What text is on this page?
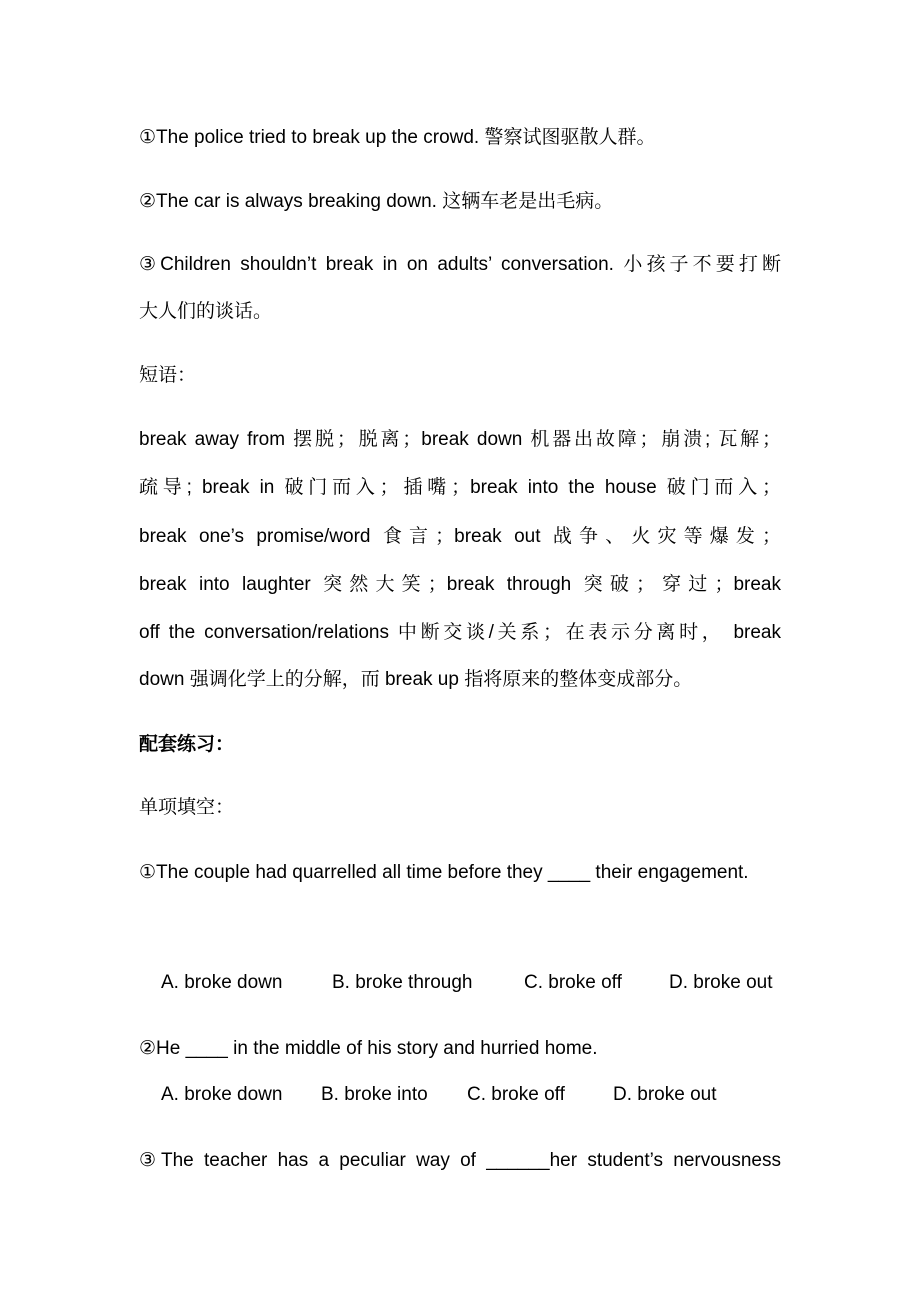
①The police tried to break up the crowd. 警察试图驱散人群。
②The car is always breaking down. 这辆车老是出毛病。
③Children shouldn’t break in on adults’ conversation. 小孩子不要打断
大人们的谈话。
短语：
break away from 摆脱；脱离；break down 机器出故障；崩溃; 瓦解；
疏导; break in 破门而入；插嘴；break into the house 破门而入；
break one’s promise/word 食言；break out 战争、火灾等爆发；
break into laughter 突然大笑；break through 突破；穿过；break
off the conversation/relations 中断交谈/关系；在表示分离时， break
down 强调化学上的分解，而 break up 指将原来的整体变成部分。
配套练习：
单项填空：
①The couple had quarrelled all time before they ____ their engagement.
A. broke down	B. broke through	C. broke off D. broke out
②He ____ in the middle of his story and hurried home.
A. broke down B. broke into C. broke off	D. broke out
③The teacher has a peculiar way of ______her student’s nervousness
